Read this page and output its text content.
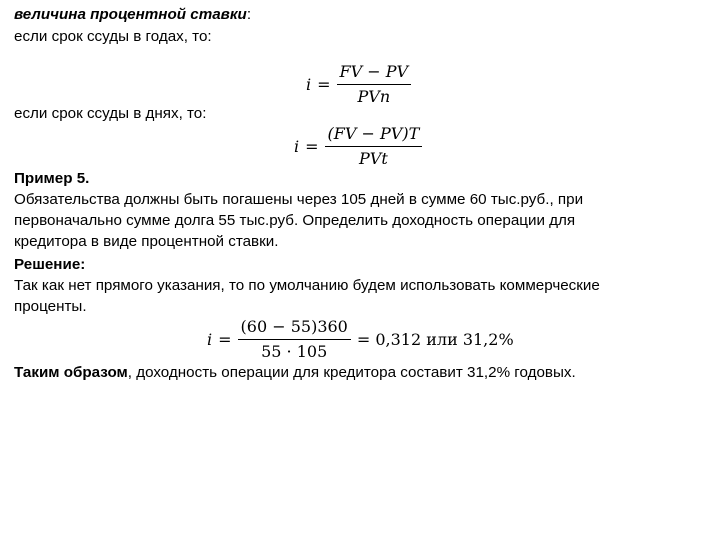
величина процентной ставки:

если срок ссуды в годах, то:

$i = \frac{FV - PV}{\text{PVn}}$

если срок ссуды в днях, то:

$i = \frac{(FV - PV)T}{\text{PVt}}$

Пример 5.

Обязательства должны быть погашены через 105 дней в сумме 60 тыс.руб., при

первоначально сумме долга 55 тыс.руб. Определить доходность операции для

кредитора в виде процентной ставки.

Решение:

Так как нет прямого указания, то по умолчанию будем использовать коммерческие

проценты.

$i = \frac{(60 - 55)360}{55 \cdot 105} = 0,312$ или 31,2%

Таким образом, доходность операции для кредитора составит 31,2% годовых.
